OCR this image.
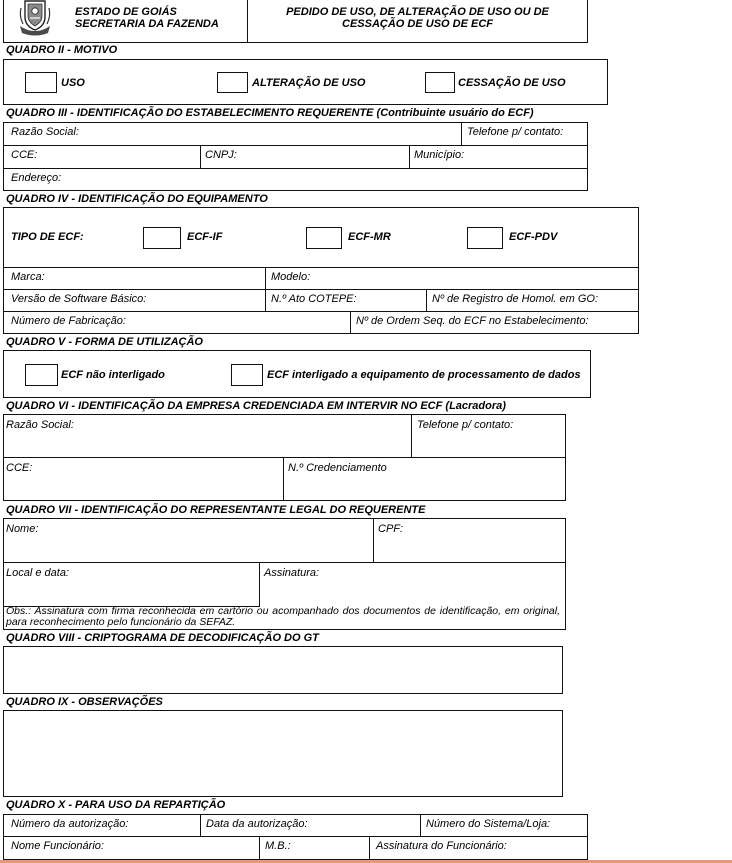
ESTADO DE GOIÁS
SECRETARIA DA FAZENDA
PEDIDO DE USO, DE ALTERAÇÃO DE USO OU DE
CESSAÇÃO DE USO DE ECF
QUADRO II - MOTIVO
USO	ALTERAÇÃO DE USO	CESSAÇÃO DE USO
QUADRO III - IDENTIFICAÇÃO DO ESTABELECIMENTO REQUERENTE (Contribuinte usuário do ECF)
Razão Social:	Telefone p/ contato:
CCE:	CNPJ:	Município:
Endereço:
QUADRO IV - IDENTIFICAÇÃO DO EQUIPAMENTO
TIPO DE ECF:	ECF-IF	ECF-MR	ECF-PDV
Marca:	Modelo:
Versão de Software Básico:	N.º Ato COTEPE:	Nº de Registro de Homol. em GO:
Número de Fabricação:	Nº de Ordem Seq. do ECF no Estabelecimento:
QUADRO V - FORMA DE UTILIZAÇÃO
ECF não interligado	ECF interligado a equipamento de processamento de dados
QUADRO VI - IDENTIFICAÇÃO DA EMPRESA CREDENCIADA EM INTERVIR NO ECF (Lacradora)
Razão Social:	Telefone p/ contato:
CCE:	N.º Credenciamento
QUADRO VII - IDENTIFICAÇÃO DO REPRESENTANTE LEGAL DO REQUERENTE
Nome:	CPF:
Local e data:	Assinatura:
Obs.: Assinatura com firma reconhecida em cartório ou acompanhado dos documentos de identificação, em original, para reconhecimento pelo funcionário da SEFAZ.
QUADRO VIII - CRIPTOGRAMA DE DECODIFICAÇÃO DO GT
QUADRO IX - OBSERVAÇÕES
QUADRO X - PARA USO DA REPARTIÇÃO
Número da autorização:	Data da autorização:	Número do Sistema/Loja:
Nome Funcionário:	M.B.:	Assinatura do Funcionário:
